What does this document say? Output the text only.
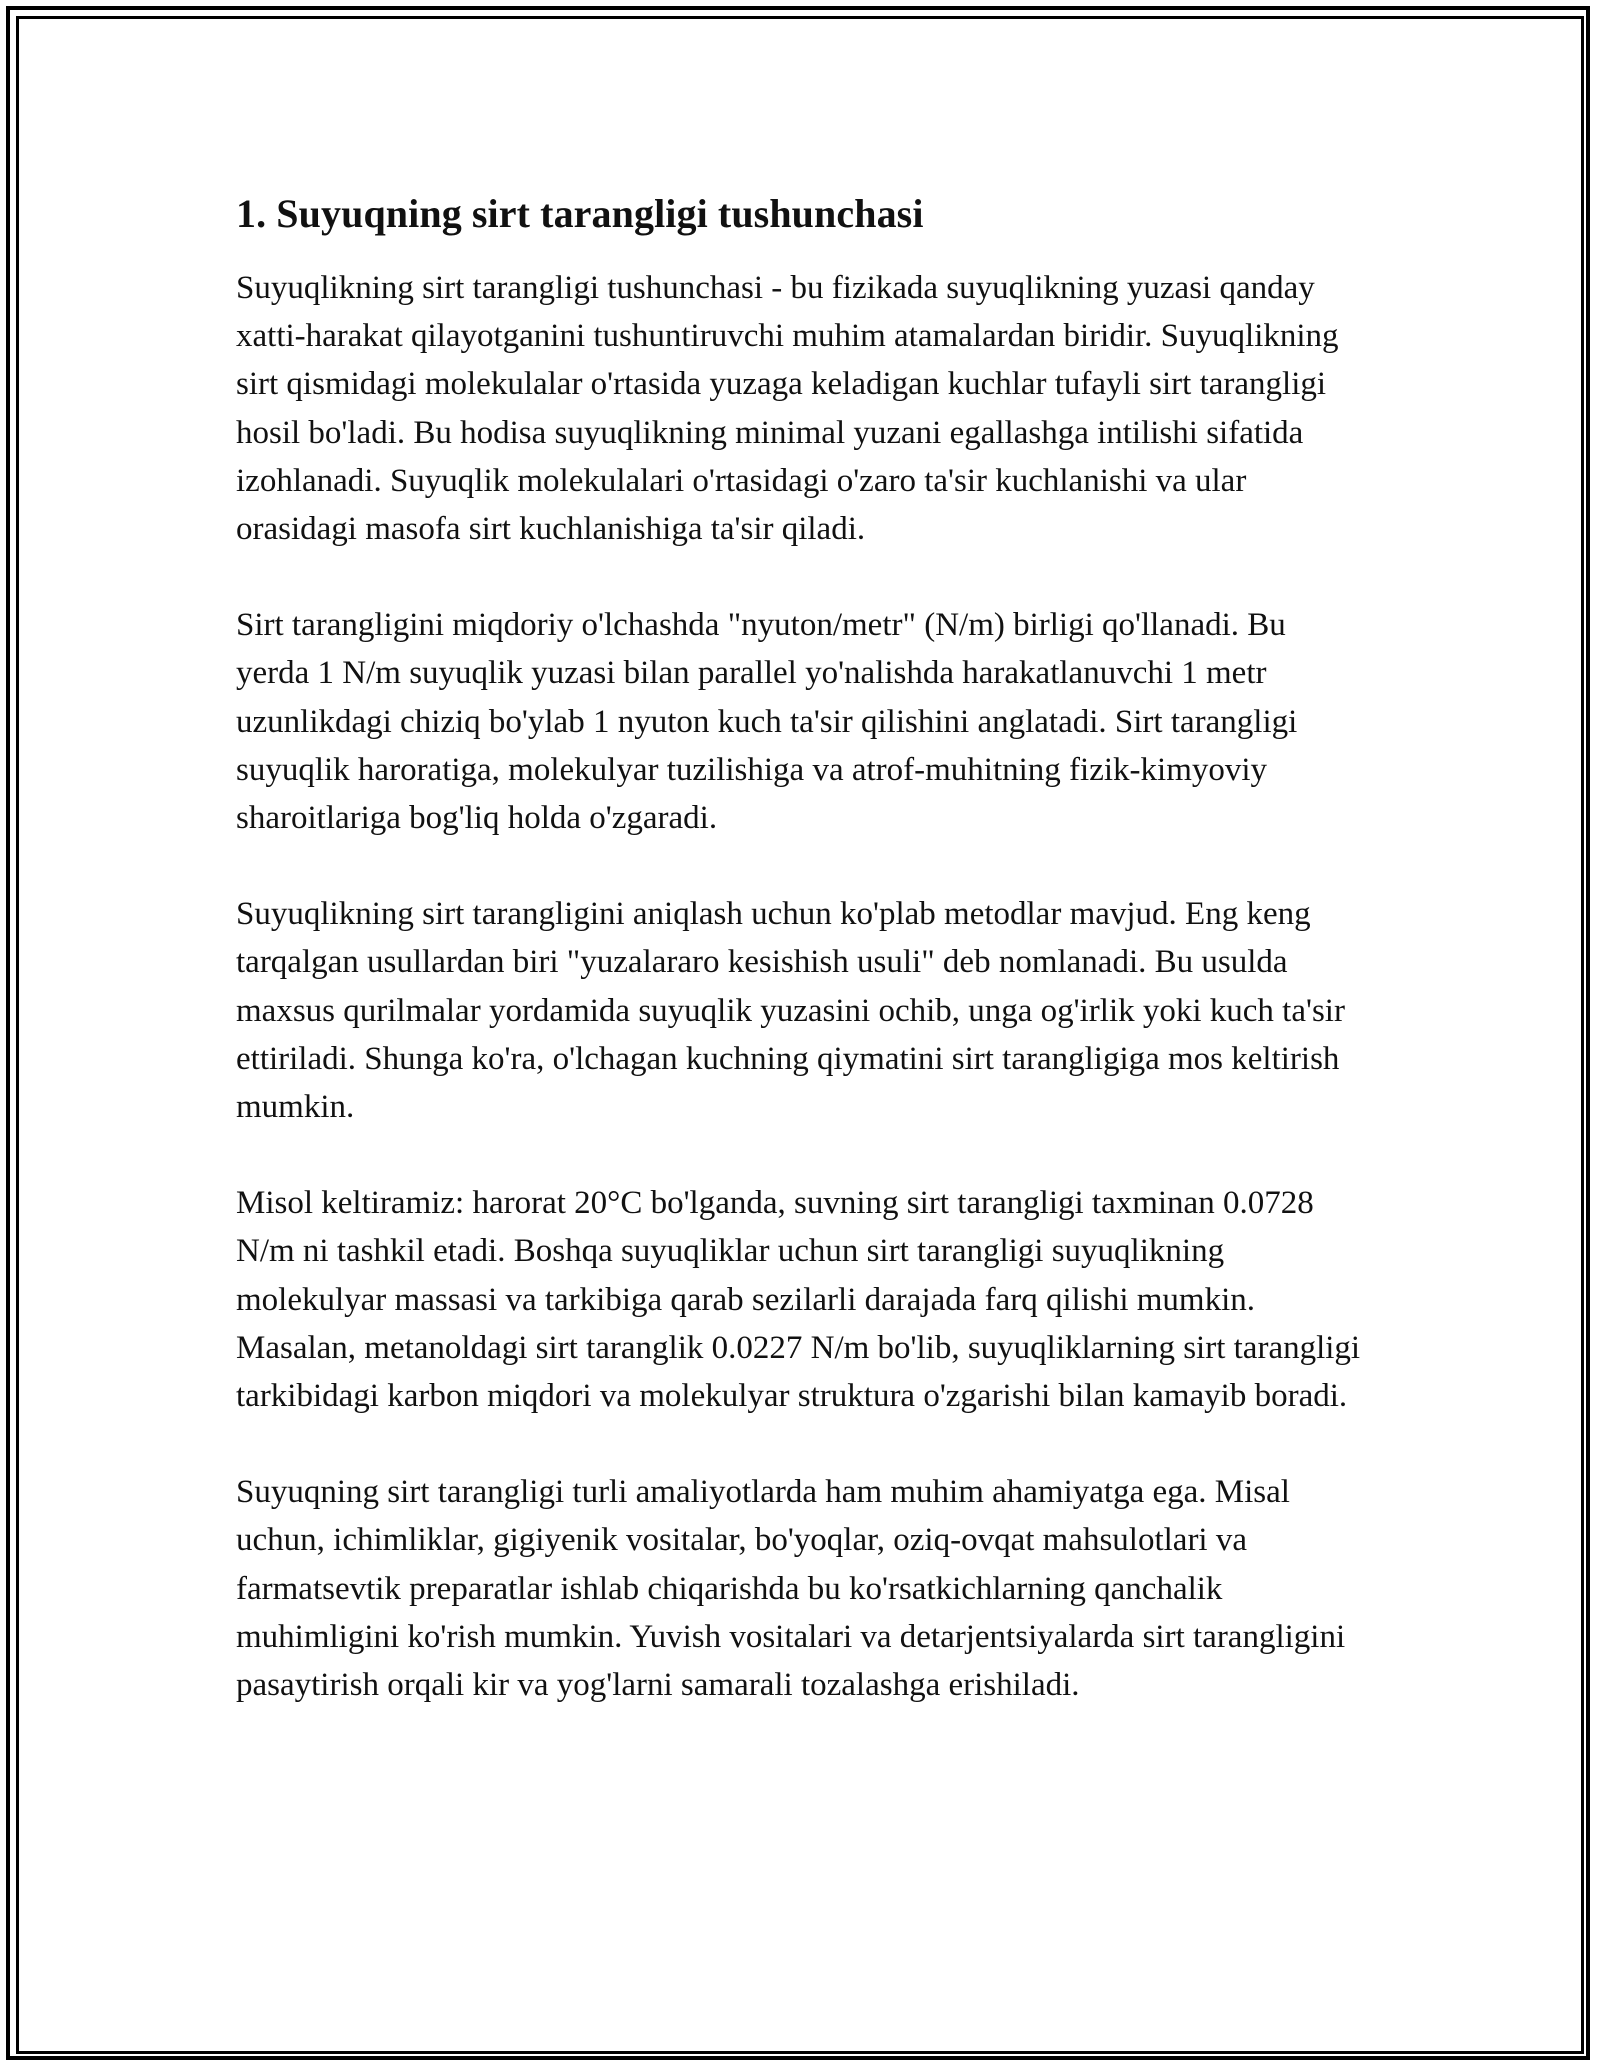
1. Suyuqning sirt tarangligi tushunchasi

Suyuqlikning sirt tarangligi tushunchasi - bu fizikada suyuqlikning yuzasi qanday xatti-harakat qilayotganini tushuntiruvchi muhim atamalardan biridir. Suyuqlikning sirt qismidagi molekulalar o'rtasida yuzaga keladigan kuchlar tufayli sirt tarangligi hosil bo'ladi. Bu hodisa suyuqlikning minimal yuzani egallashga intilishi sifatida izohlanadi. Suyuqlik molekulalari o'rtasidagi o'zaro ta'sir kuchlanishi va ular orasidagi masofa sirt kuchlanishiga ta'sir qiladi.

Sirt tarangligini miqdoriy o'lchashda "nyuton/metr" (N/m) birligi qo'llanadi. Bu yerda 1 N/m suyuqlik yuzasi bilan parallel yo'nalishda harakatlanuvchi 1 metr uzunlikdagi chiziq bo'ylab 1 nyuton kuch ta'sir qilishini anglatadi. Sirt tarangligi suyuqlik haroratiga, molekulyar tuzilishiga va atrof-muhitning fizik-kimyoviy sharoitlariga bog'liq holda o'zgaradi.

Suyuqlikning sirt tarangligini aniqlash uchun ko'plab metodlar mavjud. Eng keng tarqalgan usullardan biri "yuzalararo kesishish usuli" deb nomlanadi. Bu usulda maxsus qurilmalar yordamida suyuqlik yuzasini ochib, unga og'irlik yoki kuch ta'sir ettiriladi. Shunga ko'ra, o'lchagan kuchning qiymatini sirt tarangligiga mos keltirish mumkin.

Misol keltiramiz: harorat 20°C bo'lganda, suvning sirt tarangligi taxminan 0.0728 N/m ni tashkil etadi. Boshqa suyuqliklar uchun sirt tarangligi suyuqlikning molekulyar massasi va tarkibiga qarab sezilarli darajada farq qilishi mumkin. Masalan, metanoldagi sirt taranglik 0.0227 N/m bo'lib, suyuqliklarning sirt tarangligi tarkibidagi karbon miqdori va molekulyar struktura o'zgarishi bilan kamayib boradi.

Suyuqning sirt tarangligi turli amaliyotlarda ham muhim ahamiyatga ega. Misal uchun, ichimliklar, gigiyenik vositalar, bo'yoqlar, oziq-ovqat mahsulotlari va farmatsevtik preparatlar ishlab chiqarishda bu ko'rsatkichlarning qanchalik muhimligini ko'rish mumkin. Yuvish vositalari va detarjentsiyalarda sirt tarangligini pasaytirish orqali kir va yog'larni samarali tozalashga erishiladi.
